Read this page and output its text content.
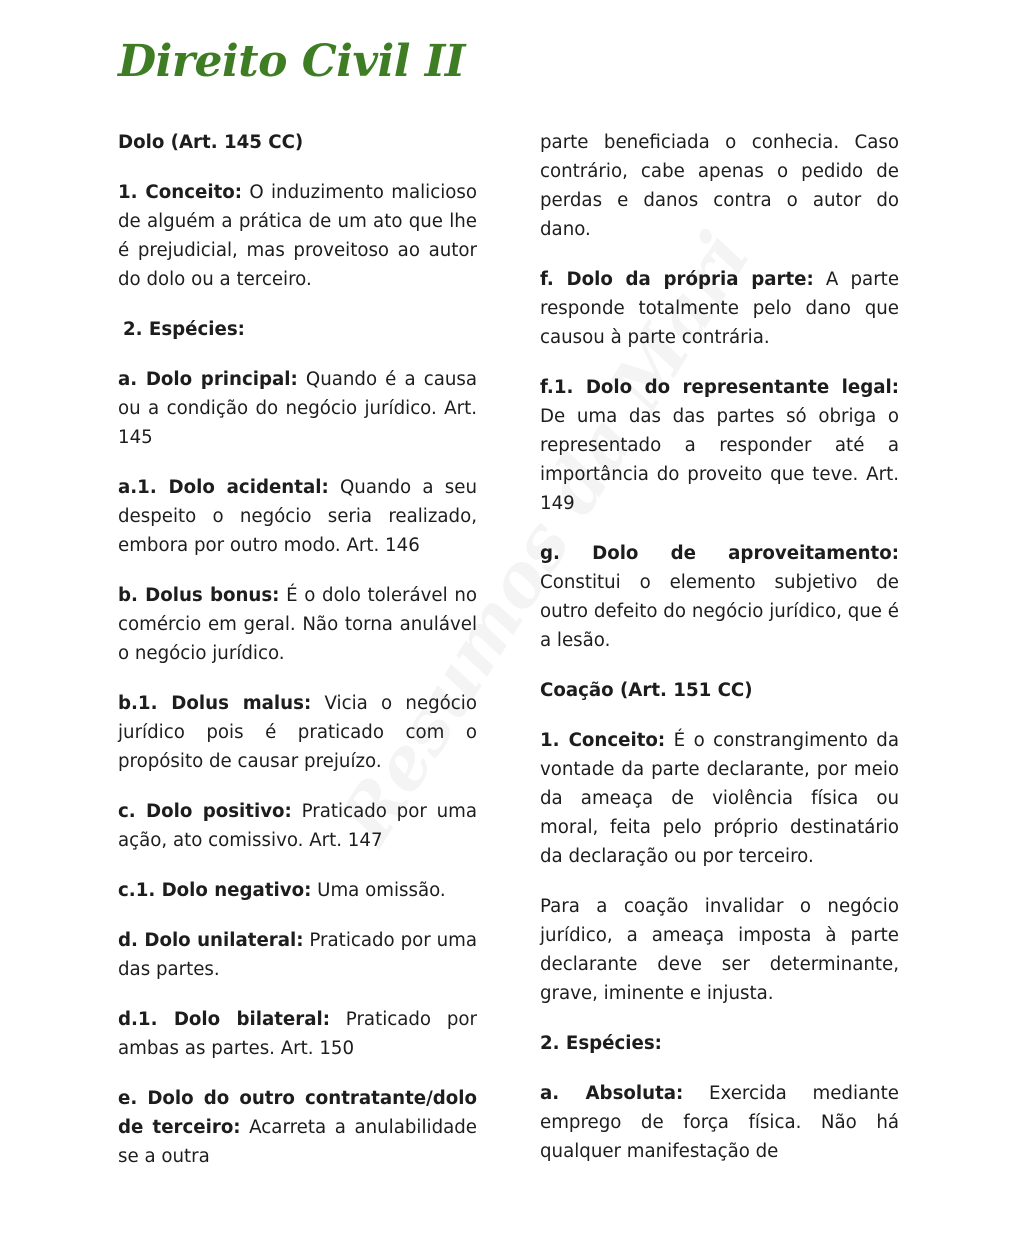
Direito Civil II
Dolo (Art. 145 CC)

1. Conceito: O induzimento malicioso de alguém a prática de um ato que lhe é prejudicial, mas proveitoso ao autor do dolo ou a terceiro.

2. Espécies:

a. Dolo principal: Quando é a causa ou a condição do negócio jurídico. Art. 145

a.1. Dolo acidental: Quando a seu despeito o negócio seria realizado, embora por outro modo. Art. 146

b. Dolus bonus: É o dolo tolerável no comércio em geral. Não torna anulável o negócio jurídico.

b.1. Dolus malus: Vicia o negócio jurídico pois é praticado com o propósito de causar prejuízo.

c. Dolo positivo: Praticado por uma ação, ato comissivo. Art. 147

c.1. Dolo negativo: Uma omissão.

d. Dolo unilateral: Praticado por uma das partes.

d.1. Dolo bilateral: Praticado por ambas as partes. Art. 150

e. Dolo do outro contratante/dolo de terceiro: Acarreta a anulabilidade se a outra

parte beneficiada o conhecia. Caso contrário, cabe apenas o pedido de perdas e danos contra o autor do dano.

f. Dolo da própria parte: A parte responde totalmente pelo dano que causou à parte contrária.

f.1. Dolo do representante legal: De uma das das partes só obriga o representado a responder até a importância do proveito que teve. Art. 149

g. Dolo de aproveitamento: Constitui o elemento subjetivo de outro defeito do negócio jurídico, que é a lesão.

Coação (Art. 151 CC)

1. Conceito: É o constrangimento da vontade da parte declarante, por meio da ameaça de violência física ou moral, feita pelo próprio destinatário da declaração ou por terceiro.

Para a coação invalidar o negócio jurídico, a ameaça imposta à parte declarante deve ser determinante, grave, iminente e injusta.

2. Espécies:

a. Absoluta: Exercida mediante emprego de força física. Não há qualquer manifestação de
